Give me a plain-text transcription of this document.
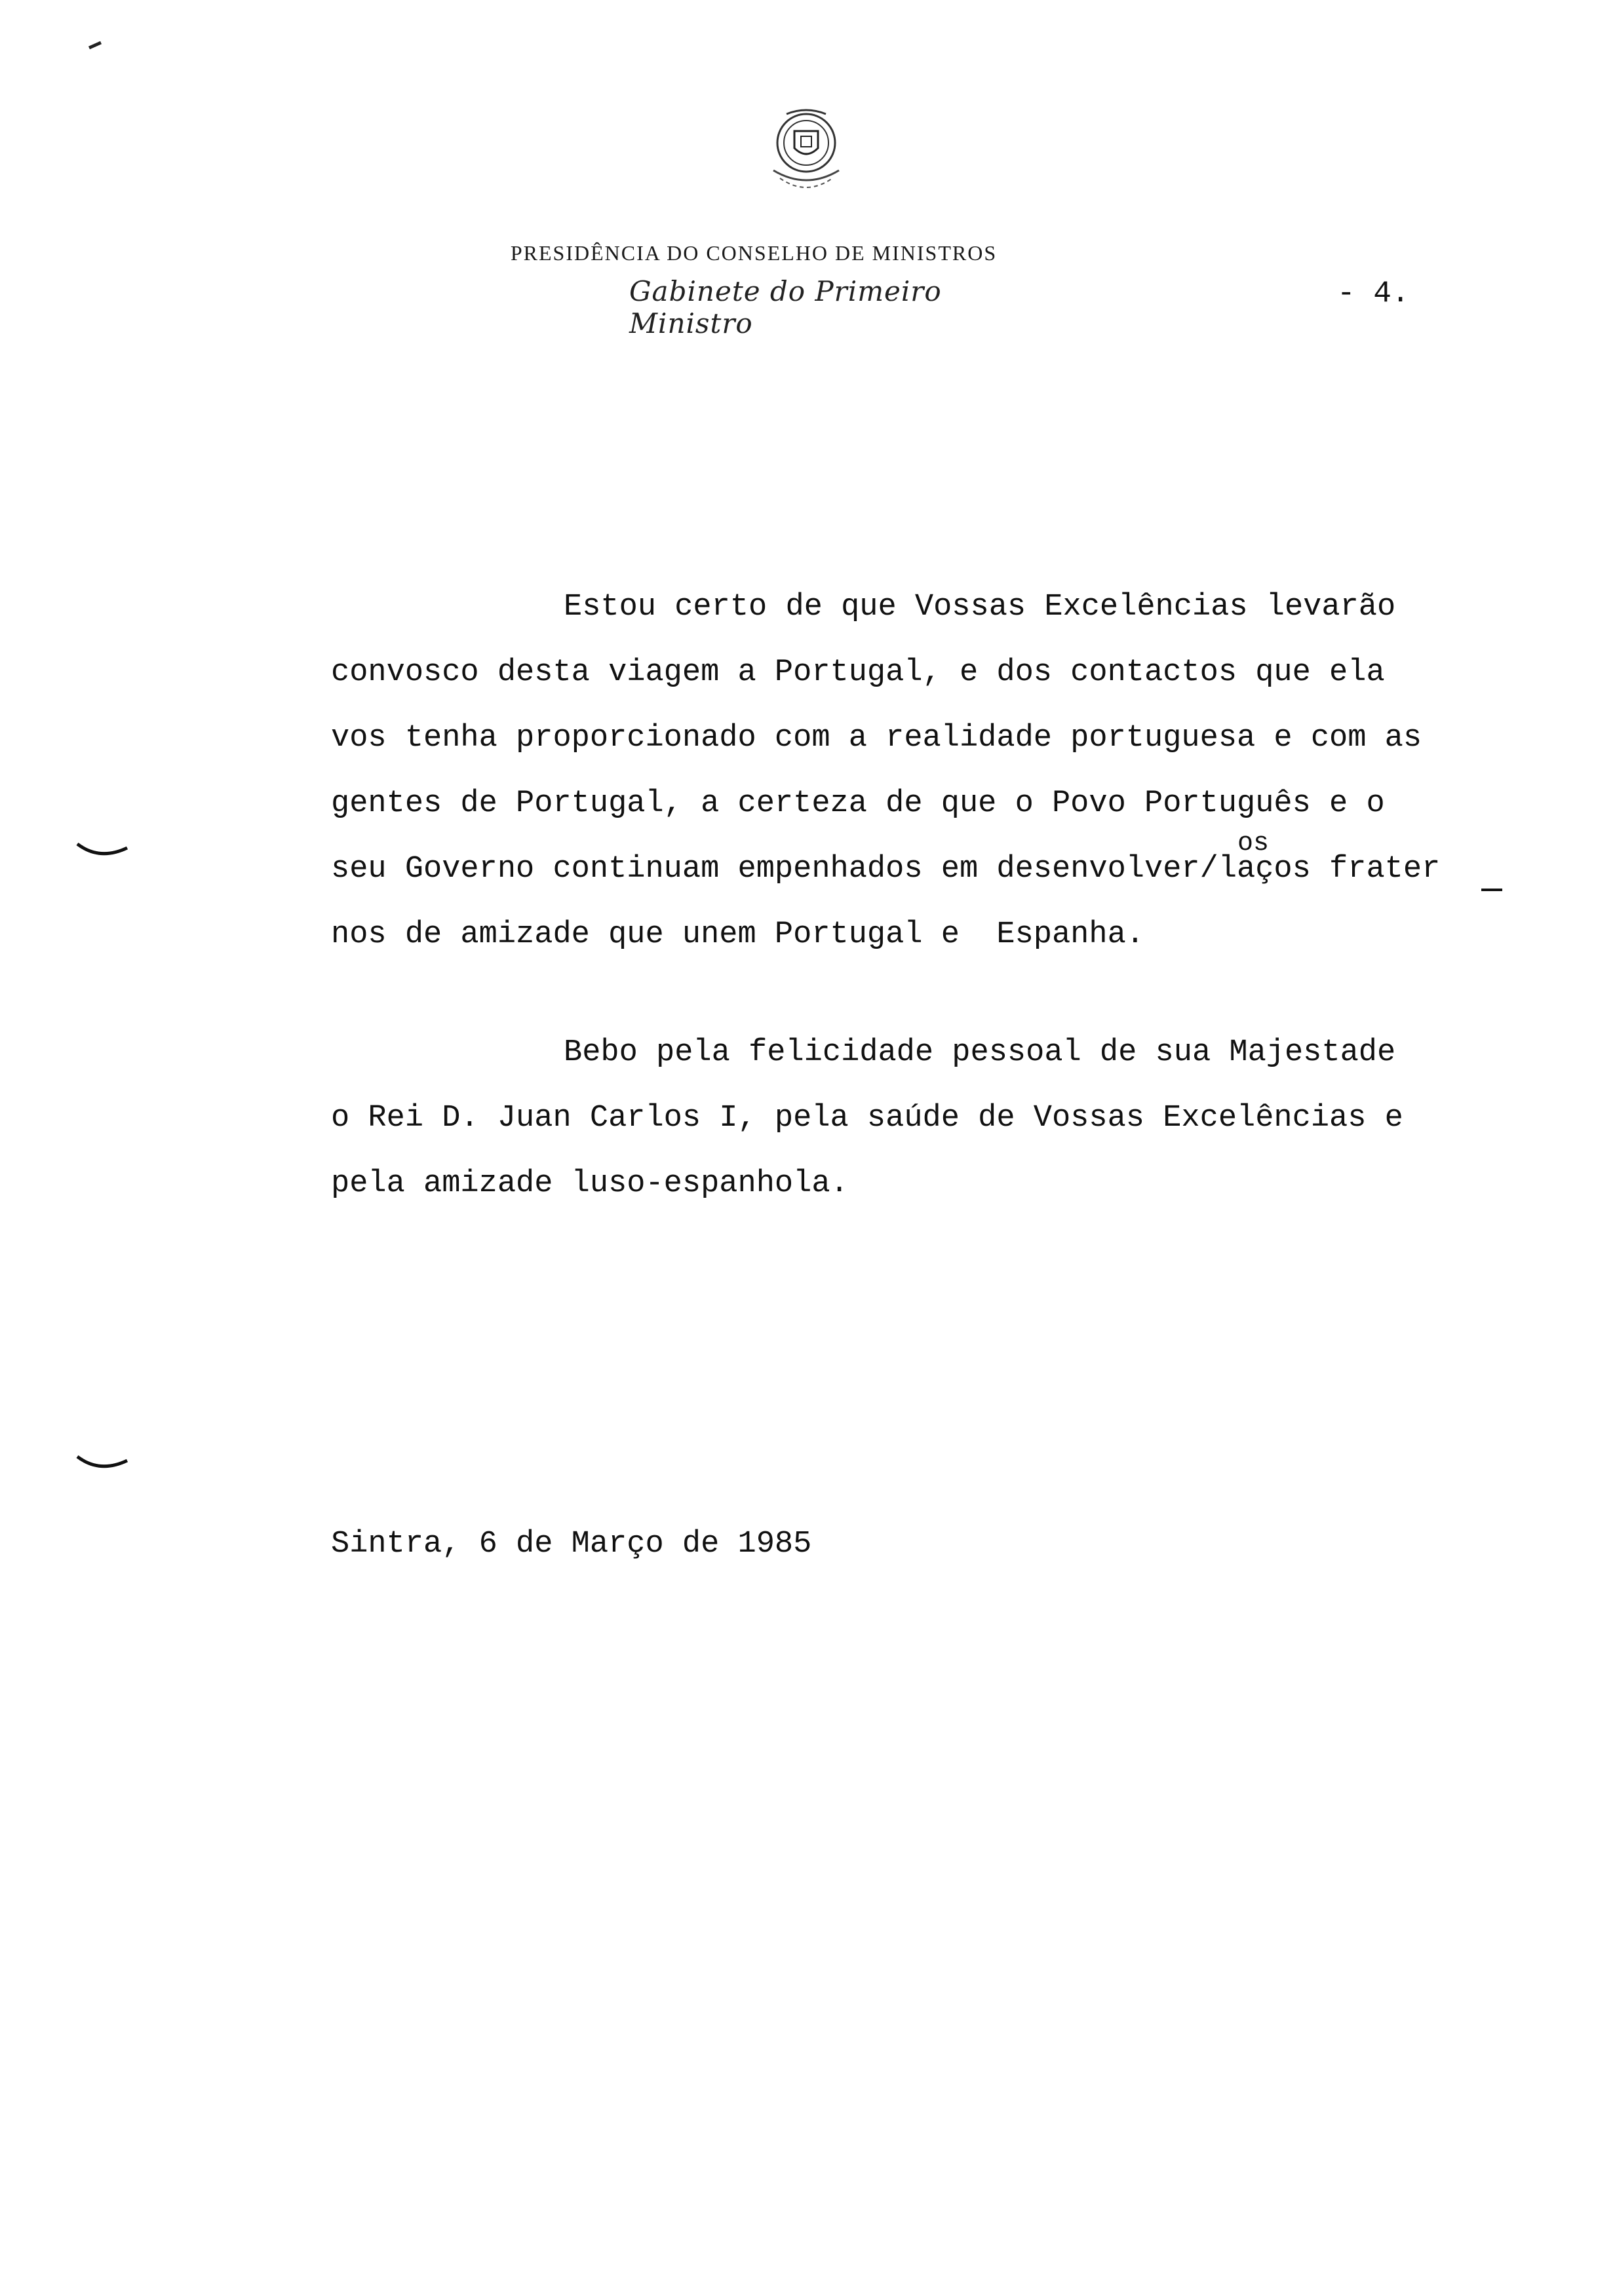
PRESIDÊNCIA DO CONSELHO DE MINISTROS
Gabinete do Primeiro Ministro
- 4.
Estou certo de que Vossas Excelências levarão
convosco desta viagem a Portugal, e dos contactos que ela
vos tenha proporcionado com a realidade portuguesa e com as
gentes de Portugal, a certeza de que o Povo Português e o
os
seu Governo continuam empenhados em desenvolver/laços frater
nos de amizade que unem Portugal e  Espanha.
Bebo pela felicidade pessoal de sua Majestade
o Rei D. Juan Carlos I, pela saúde de Vossas Excelências e
pela amizade luso-espanhola.
Sintra, 6 de Março de 1985
